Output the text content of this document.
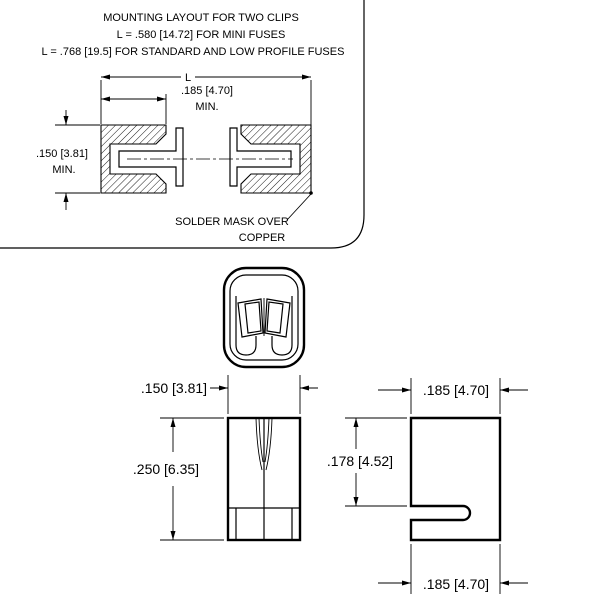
MOUNTING LAYOUT FOR TWO CLIPS
L = .580 [14.72] FOR MINI FUSES
L = .768 [19.5] FOR STANDARD AND LOW PROFILE FUSES
L
.185 [4.70]
MIN.
.150 [3.81]
MIN.
SOLDER MASK OVER
COPPER
.150 [3.81]
.250 [6.35]
.185 [4.70]
.178 [4.52]
.185 [4.70]
